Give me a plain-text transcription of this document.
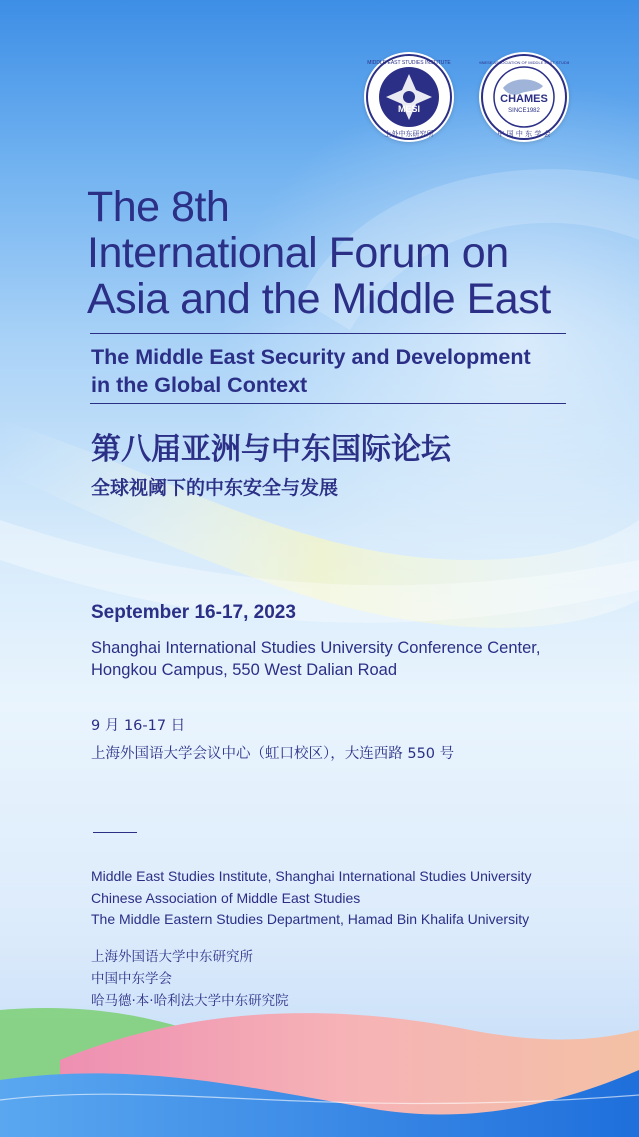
MESI
MIDDLE EAST STUDIES INSTITUTE
上外中东研究所
CHAMES
SINCE1982
CHINESE ASSOCIATION OF MIDDLE EAST STUDIES
中 国 中 东 学 会
The 8th
International Forum on
Asia and the Middle East
The Middle East Security and Development
in the Global Context
第八届亚洲与中东国际论坛
全球视阈下的中东安全与发展
September 16-17, 2023
Shanghai International Studies University Conference Center,
Hongkou Campus, 550 West Dalian Road
9 月 16-17 日
上海外国语大学会议中心（虹口校区），大连西路 550 号
Middle East Studies Institute, Shanghai International Studies University
Chinese Association of Middle East Studies
The Middle Eastern Studies Department, Hamad Bin Khalifa University
上海外国语大学中东研究所
中国中东学会
哈马德·本·哈利法大学中东研究院
